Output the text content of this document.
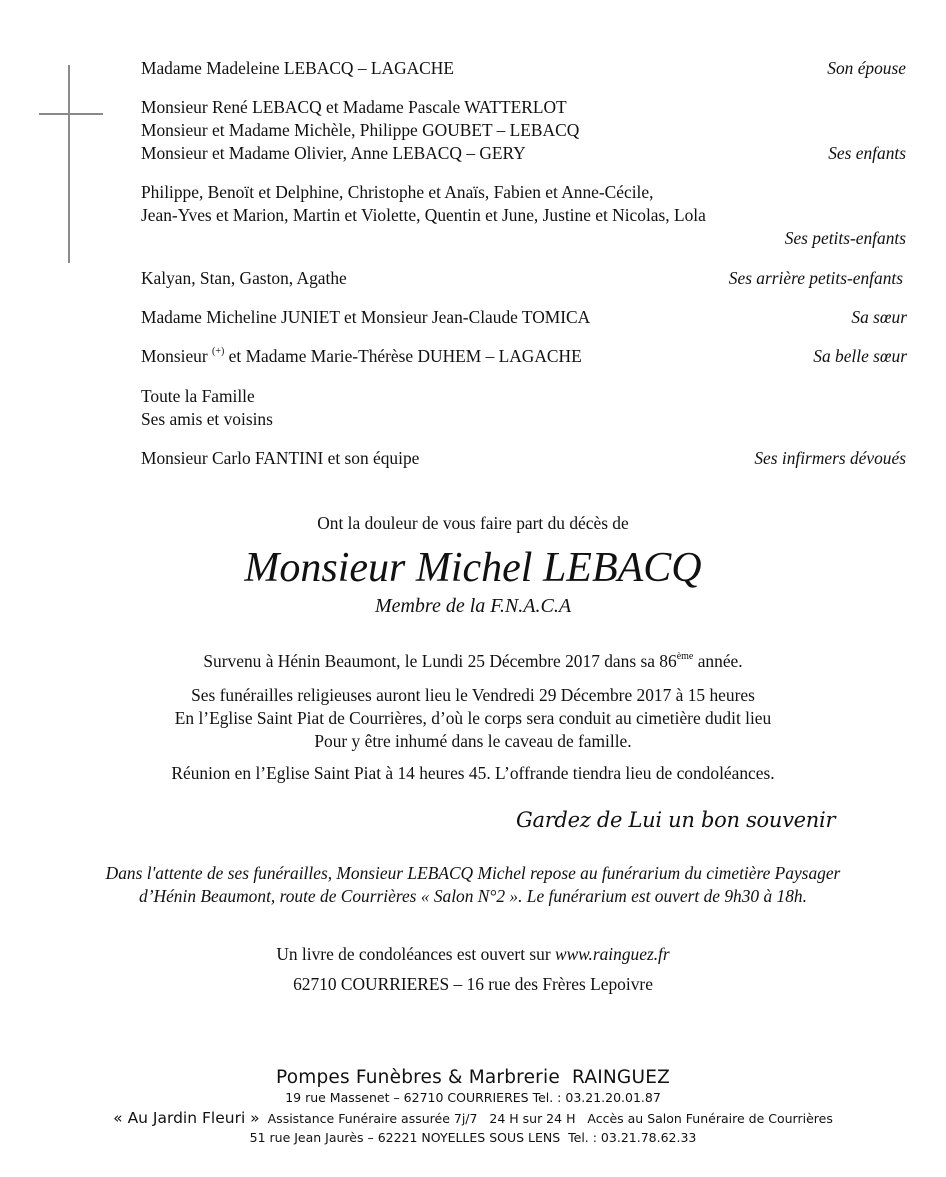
Madame Madeleine LEBACQ – LAGACHE	Son épouse
Monsieur René LEBACQ et Madame Pascale WATTERLOT
Monsieur et Madame Michèle, Philippe GOUBET – LEBACQ
Monsieur et Madame Olivier, Anne LEBACQ – GERY	Ses enfants
Philippe, Benoït et Delphine, Christophe et Anaïs, Fabien et Anne-Cécile,
Jean-Yves et Marion, Martin et Violette, Quentin et June, Justine et Nicolas, Lola
Ses petits-enfants
Kalyan, Stan, Gaston, Agathe	Ses arrière petits-enfants
Madame Micheline JUNIET et Monsieur Jean-Claude TOMICA	Sa sœur
Monsieur (+) et Madame Marie-Thérèse DUHEM – LAGACHE	Sa belle sœur
Toute la Famille
Ses amis et voisins
Monsieur Carlo FANTINI et son équipe	Ses infirmers dévoués
Ont la douleur de vous faire part du décès de
Monsieur Michel LEBACQ
Membre de la F.N.A.C.A
Survenu à Hénin Beaumont, le Lundi 25 Décembre 2017 dans sa 86ème année.
Ses funérailles religieuses auront lieu le Vendredi 29 Décembre 2017 à 15 heures
En l’Eglise Saint Piat de Courrières, d’où le corps sera conduit au cimetière dudit lieu
Pour y être inhumé dans le caveau de famille.
Réunion en l’Eglise Saint Piat à 14 heures 45. L’offrande tiendra lieu de condoléances.
Gardez de Lui un bon souvenir
Dans l'attente de ses funérailles, Monsieur LEBACQ Michel repose au funérarium du cimetière Paysager
d’Hénin Beaumont, route de Courrières « Salon N°2 ». Le funérarium est ouvert de 9h30 à 18h.
Un livre de condoléances est ouvert sur www.rainguez.fr
62710 COURRIERES – 16 rue des Frères Lepoivre
Pompes Funèbres & Marbrerie  RAINGUEZ
19 rue Massenet – 62710 COURRIERES Tel. : 03.21.20.01.87
« Au Jardin Fleuri » Assistance Funéraire assurée 7j/7   24 H sur 24 H   Accès au Salon Funéraire de Courrières
51 rue Jean Jaurès – 62221 NOYELLES SOUS LENS  Tel. : 03.21.78.62.33
